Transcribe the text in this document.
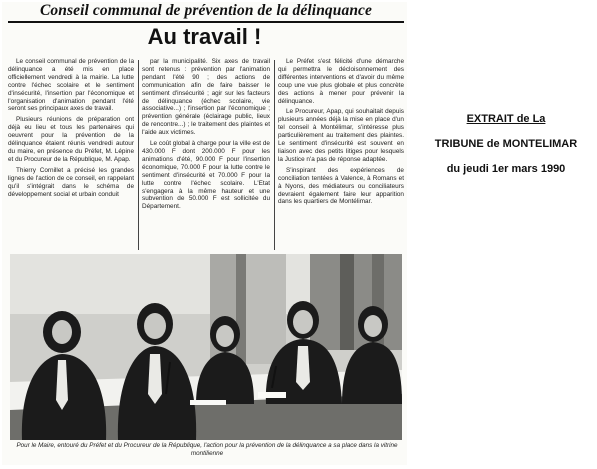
Conseil communal de prévention de la délinquance
Au travail !

Le conseil communal de prévention de la délinquance a été mis en place officiellement vendredi à la mairie. La lutte contre l'échec scolaire et le sentiment d'insécurité, l'insertion par l'économique et l'organisation d'animation pendant l'été seront ses principaux axes de travail.

Plusieurs réunions de préparation ont déjà eu lieu et tous les partenaires qui oeuvrent pour la prévention de la délinquance étaient réunis vendredi autour du maire, en présence du Préfet, M. Lépine et du Procureur de la République, M. Apap.

Thierry Cornillet a précisé les grandes lignes de l'action de ce conseil, en rappelant qu'il s'intégrait dans le schéma de développement social et urbain conduit

par la municipalité. Six axes de travail sont retenus : prévention par l'animation pendant l'été 90 ; des actions de communication afin de faire baisser le sentiment d'insécurité ; agir sur les facteurs de délinquance (échec scolaire, vie associative...) ; l'insertion par l'économique ; prévention générale (éclairage public, lieux de rencontre...) ; le traitement des plaintes et l'aide aux victimes.

Le coût global à charge pour la ville est de 430.000 F dont 200.000 F pour les animations d'été, 90.000 F pour l'insertion économique, 70.000 F pour la lutte contre le sentiment d'insécurité et 70.000 F pour la lutte contre l'échec scolaire. L'Etat s'engagera à la même hauteur et une subvention de 50.000 F est sollicitée du Département.

Le Préfet s'est félicité d'une démarche qui permettra le décloisonnement des différentes interventions et d'avoir du même coup une vue plus globale et plus concrète des actions à mener pour prévenir la délinquance.

Le Procureur, Apap, qui souhaitait depuis plusieurs années déjà la mise en place d'un tel conseil à Montélimar, s'intéresse plus particulièrement au traitement des plaintes. Le sentiment d'insécurité est souvent en liaison avec des petits litiges pour lesquels la Justice n'a pas de réponse adaptée.

S'inspirant des expériences de conciliation tentées à Valence, à Romans et à Nyons, des médiateurs ou conciliateurs devraient également faire leur apparition dans les quartiers de Montélimar.

Pour le Maire, entouré du Préfet et du Procureur de la République, l'action pour la prévention de la délinquance a sa place dans la vitrine montilienne
EXTRAIT de La
TRIBUNE de MONTELIMAR
du jeudi 1er mars 1990
